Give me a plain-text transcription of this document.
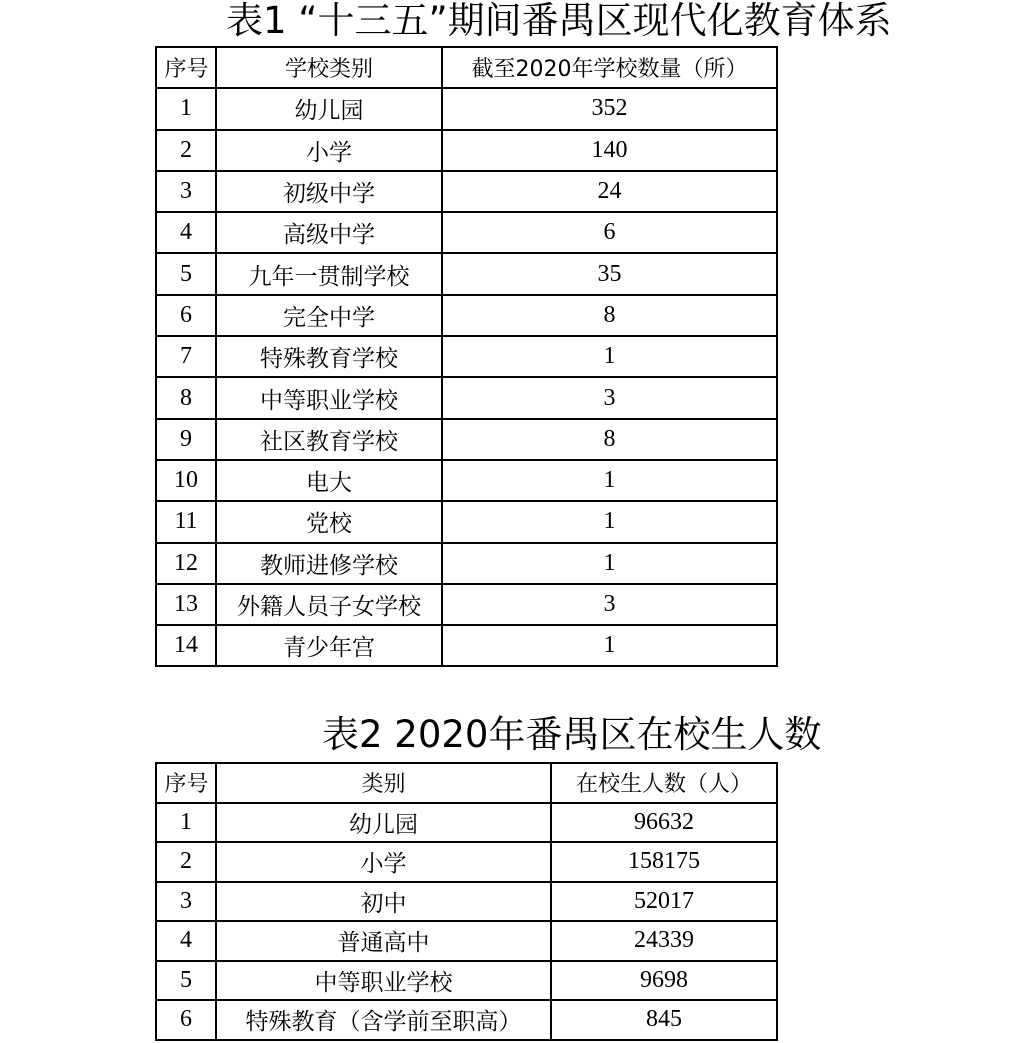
表1 “十三五”期间番禺区现代化教育体系
序号	学校类别	截至2020年学校数量（所）
1	幼儿园	352
2	小学	140
3	初级中学	24
4	高级中学	6
5	九年一贯制学校	35
6	完全中学	8
7	特殊教育学校	1
8	中等职业学校	3
9	社区教育学校	8
10	电大	1
11	党校	1
12	教师进修学校	1
13	外籍人员子女学校	3
14	青少年宫	1
表2 2020年番禺区在校生人数
序号	类别	在校生人数（人）
1	幼儿园	96632
2	小学	158175
3	初中	52017
4	普通高中	24339
5	中等职业学校	9698
6	特殊教育（含学前至职高）	845
